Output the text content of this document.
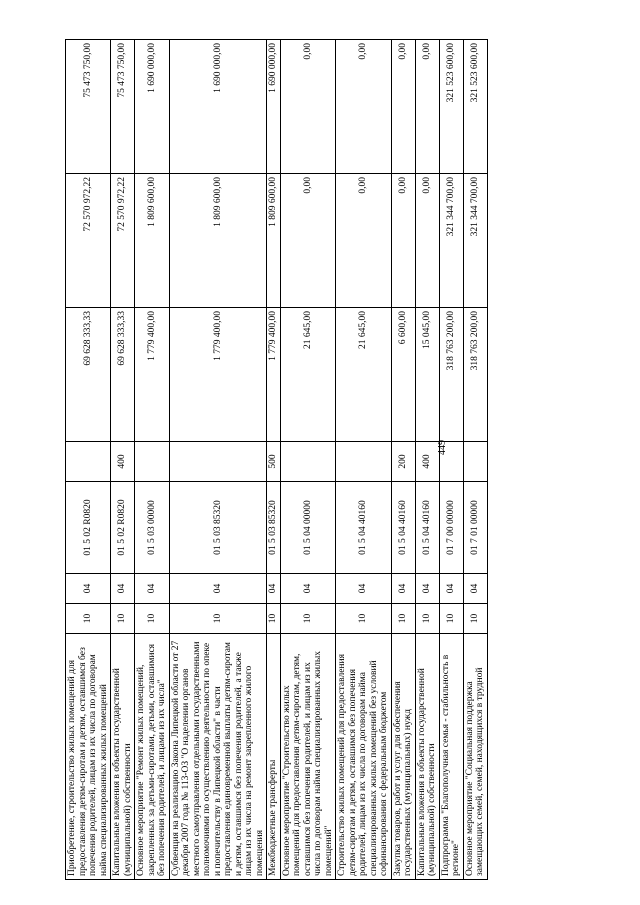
449
Приобретение, строительство жилых помещений для предоставления детям-сиротам и детям, оставшимся без попечения родителей, лицам из их числа по договорам найма специализированных жилых помещений	10	04	01 5 02 R0820		69 628 333,33	72 570 972,22	75 473 750,00
Капитальные вложения в объекты государственной (муниципальной) собственности	10	04	01 5 02 R0820	400	69 628 333,33	72 570 972,22	75 473 750,00
Основное мероприятие "Ремонт жилых помещений, закрепленных за детьми-сиротами, детьми, оставшимися без попечения родителей, и лицами из их числа"	10	04	01 5 03 00000		1 779 400,00	1 809 600,00	1 690 000,00
Субвенция на реализацию Закона Липецкой области от 27 декабря 2007 года № 113-ОЗ "О наделении органов местного самоуправления отдельными государственными полномочиями по осуществлению деятельности по опеке и попечительству в Липецкой области" в части предоставления единовременной выплаты детям-сиротам и детям, оставшимся без попечения родителей, а также лицам из их числа на ремонт закрепленного жилого помещения	10	04	01 5 03 85320		1 779 400,00	1 809 600,00	1 690 000,00
Межбюджетные трансферты	10	04	01 5 03 85320	500	1 779 400,00	1 809 600,00	1 690 000,00
Основное мероприятие "Строительство жилых помещений для предоставления детям-сиротам, детям, оставшимся без попечения родителей, и лицам из их числа по договорам найма специализированных жилых помещений"	10	04	01 5 04 00000		21 645,00	0,00	0,00
Строительство жилых помещений для предоставления детям-сиротам и детям, оставшимся без попечения родителей, лицам из их числа по договорам найма специализированных жилых помещений без условий софинансирования с федеральным бюджетом	10	04	01 5 04 40160		21 645,00	0,00	0,00
Закупка товаров, работ и услуг для обеспечения государственных (муниципальных) нужд	10	04	01 5 04 40160	200	6 600,00	0,00	0,00
Капитальные вложения в объекты государственной (муниципальной) собственности	10	04	01 5 04 40160	400	15 045,00	0,00	0,00
Подпрограмма "Благополучная семья - стабильность в регионе"	10	04	01 7 00 00000		318 763 200,00	321 344 700,00	321 523 600,00
Основное мероприятие "Социальная поддержка замещающих семей, семей, находящихся в трудной	10	04	01 7 01 00000		318 763 200,00	321 344 700,00	321 523 600,00
